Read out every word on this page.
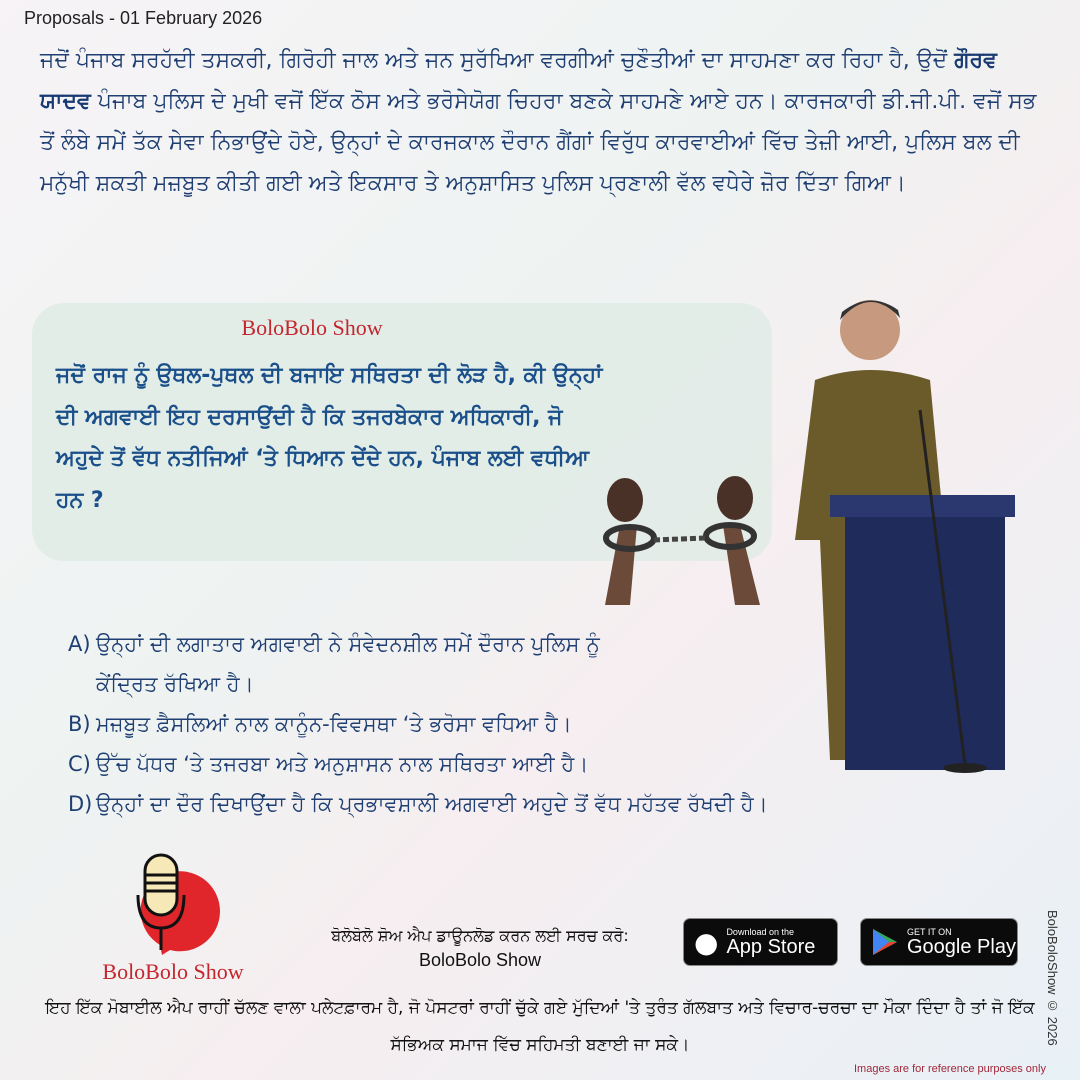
Proposals - 01 February 2026

ਜਦੋਂ ਪੰਜਾਬ ਸਰਹੱਦੀ ਤਸਕਰੀ, ਗਿਰੋਹੀ ਜਾਲ ਅਤੇ ਜਨ ਸੁਰੱਖਿਆ ਵਰਗੀਆਂ ਚੁਣੌਤੀਆਂ ਦਾ ਸਾਹਮਣਾ ਕਰ ਰਿਹਾ ਹੈ, ਉਦੋਂ ਗੌਰਵ ਯਾਦਵ ਪੰਜਾਬ ਪੁਲਿਸ ਦੇ ਮੁਖੀ ਵਜੋਂ ਇੱਕ ਠੋਸ ਅਤੇ ਭਰੋਸੇਯੋਗ ਚਿਹਰਾ ਬਣਕੇ ਸਾਹਮਣੇ ਆਏ ਹਨ। ਕਾਰਜਕਾਰੀ ਡੀ.ਜੀ.ਪੀ. ਵਜੋਂ ਸਭ ਤੋਂ ਲੰਬੇ ਸਮੇਂ ਤੱਕ ਸੇਵਾ ਨਿਭਾਉਂਦੇ ਹੋਏ, ਉਨ੍ਹਾਂ ਦੇ ਕਾਰਜਕਾਲ ਦੌਰਾਨ ਗੈਂਗਾਂ ਵਿਰੁੱਧ ਕਾਰਵਾਈਆਂ ਵਿੱਚ ਤੇਜ਼ੀ ਆਈ, ਪੁਲਿਸ ਬਲ ਦੀ ਮਨੁੱਖੀ ਸ਼ਕਤੀ ਮਜ਼ਬੂਤ ਕੀਤੀ ਗਈ ਅਤੇ ਇਕਸਾਰ ਤੇ ਅਨੁਸ਼ਾਸਿਤ ਪੁਲਿਸ ਪ੍ਰਣਾਲੀ ਵੱਲ ਵਧੇਰੇ ਜ਼ੋਰ ਦਿੱਤਾ ਗਿਆ।

BoloBolo Show
ਜਦੋਂ ਰਾਜ ਨੂੰ ਉਥਲ-ਪੁਥਲ ਦੀ ਬਜਾਇ ਸਥਿਰਤਾ ਦੀ ਲੋੜ ਹੈ, ਕੀ ਉਨ੍ਹਾਂ ਦੀ ਅਗਵਾਈ ਇਹ ਦਰਸਾਉਂਦੀ ਹੈ ਕਿ ਤਜਰਬੇਕਾਰ ਅਧਿਕਾਰੀ, ਜੋ ਅਹੁਦੇ ਤੋਂ ਵੱਧ ਨਤੀਜਿਆਂ ‘ਤੇ ਧਿਆਨ ਦੇਂਦੇ ਹਨ, ਪੰਜਾਬ ਲਈ ਵਧੀਆ ਹਨ ?
A) ਉਨ੍ਹਾਂ ਦੀ ਲਗਾਤਾਰ ਅਗਵਾਈ ਨੇ ਸੰਵੇਦਨਸ਼ੀਲ ਸਮੇਂ ਦੌਰਾਨ ਪੁਲਿਸ ਨੂੰ ਕੇਂਦ੍ਰਿਤ ਰੱਖਿਆ ਹੈ।
B) ਮਜ਼ਬੂਤ ਫ਼ੈਸਲਿਆਂ ਨਾਲ ਕਾਨੂੰਨ-ਵਿਵਸਥਾ ‘ਤੇ ਭਰੋਸਾ ਵਧਿਆ ਹੈ।
C) ਉੱਚ ਪੱਧਰ ‘ਤੇ ਤਜਰਬਾ ਅਤੇ ਅਨੁਸ਼ਾਸਨ ਨਾਲ ਸਥਿਰਤਾ ਆਈ ਹੈ।
D) ਉਨ੍ਹਾਂ ਦਾ ਦੌਰ ਦਿਖਾਉਂਦਾ ਹੈ ਕਿ ਪ੍ਰਭਾਵਸ਼ਾਲੀ ਅਗਵਾਈ ਅਹੁਦੇ ਤੋਂ ਵੱਧ ਮਹੱਤਵ ਰੱਖਦੀ ਹੈ।
BoloBolo Show
ਬੋਲੋਬੋਲੋ ਸ਼ੋਅ ਐਪ ਡਾਊਨਲੋਡ ਕਰਨ ਲਈ ਸਰਚ ਕਰੋ:
BoloBolo Show
● Download on the
App Store
GET IT ON
Google Play

ਇਹ ਇੱਕ ਮੋਬਾਈਲ ਐਪ ਰਾਹੀਂ ਚੱਲਣ ਵਾਲਾ ਪਲੇਟਫ਼ਾਰਮ ਹੈ, ਜੋ ਪੋਸਟਰਾਂ ਰਾਹੀਂ ਚੁੱਕੇ ਗਏ ਮੁੱਦਿਆਂ 'ਤੇ ਤੁਰੰਤ ਗੱਲਬਾਤ ਅਤੇ ਵਿਚਾਰ-ਚਰਚਾ ਦਾ ਮੌਕਾ ਦਿੰਦਾ ਹੈ ਤਾਂ ਜੋ ਇੱਕ ਸੱਭਿਅਕ ਸਮਾਜ ਵਿੱਚ ਸਹਿਮਤੀ ਬਣਾਈ ਜਾ ਸਕੇ।	BoloBoloShow © 2026
Images are for reference purposes only
